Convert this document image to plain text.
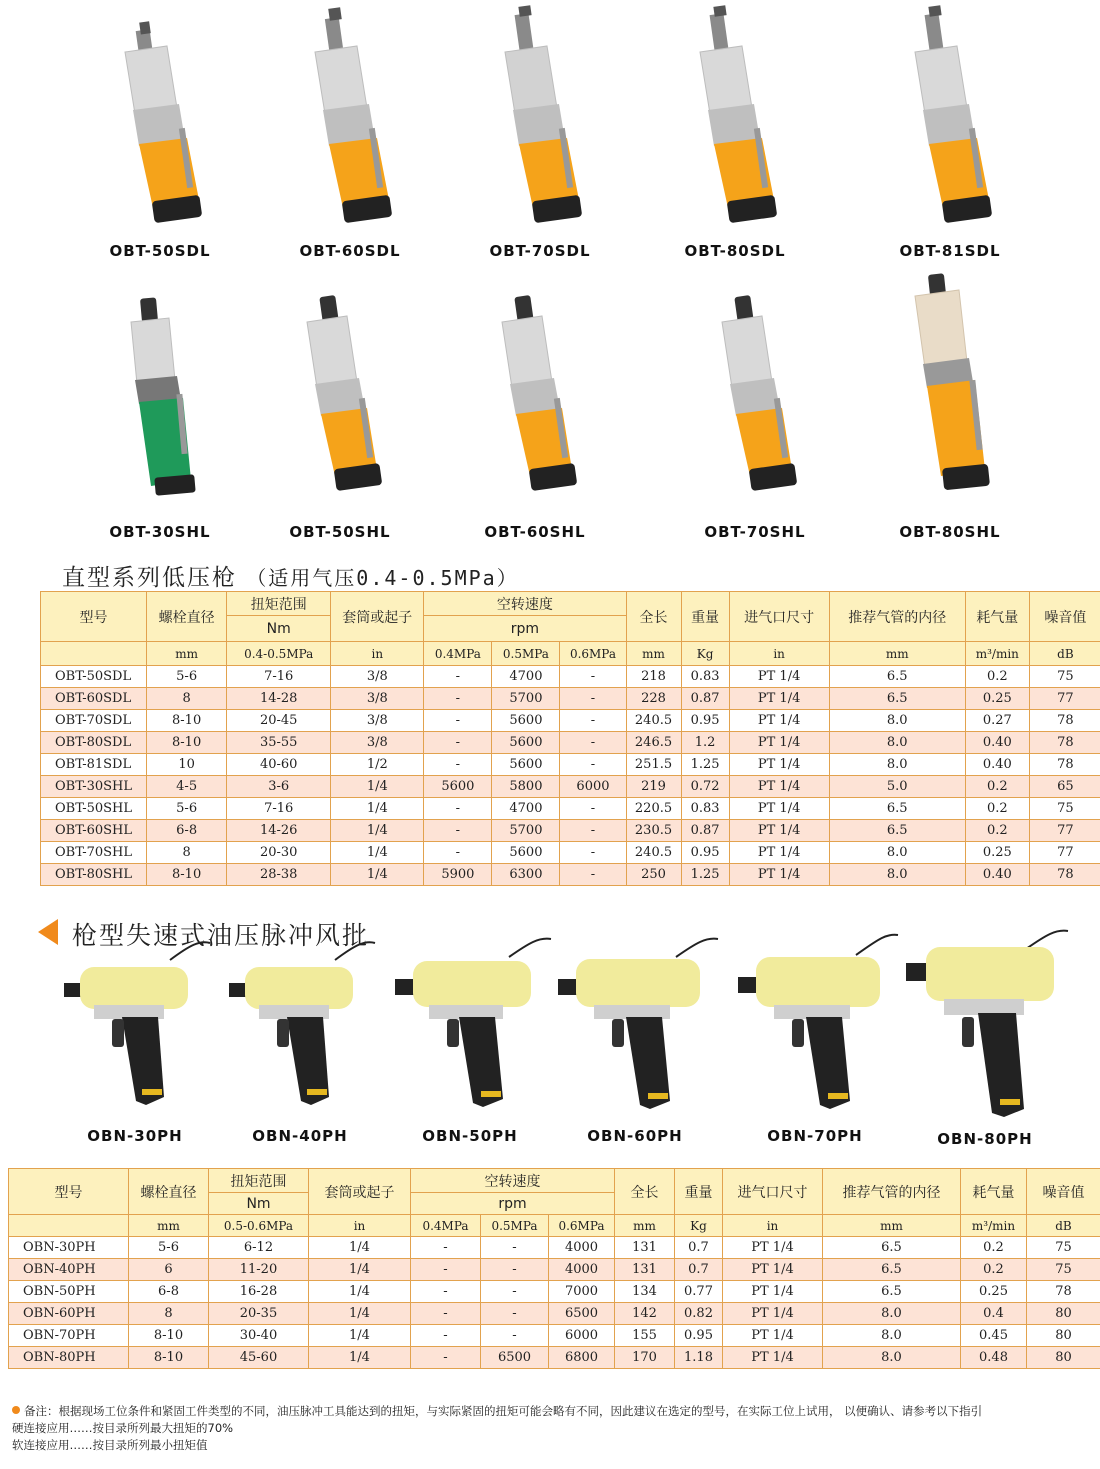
OBT-50SDL	OBT-60SDL	OBT-70SDL	OBT-80SDL	OBT-81SDL
OBT-30SHL	OBT-50SHL	OBT-60SHL	OBT-70SHL	OBT-80SHL
直型系列低压枪 （适用气压0.4-0.5MPa）
型号	螺栓直径	扭矩范围	套筒或起子	空转速度			全长	重量	进气口尺寸	推荐气管的内径	耗气量	噪音值
		Nm		rpm								
	mm	0.4-0.5MPa	in	0.4MPa	0.5MPa	0.6MPa	mm	Kg	in	mm	m³/min	dB
OBT-50SDL	5-6	7-16	3/8	-	4700	-	218	0.83	PT 1/4	6.5	0.2	75
OBT-60SDL	8	14-28	3/8	-	5700	-	228	0.87	PT 1/4	6.5	0.25	77
OBT-70SDL	8-10	20-45	3/8	-	5600	-	240.5	0.95	PT 1/4	8.0	0.27	78
OBT-80SDL	8-10	35-55	3/8	-	5600	-	246.5	1.2	PT 1/4	8.0	0.40	78
OBT-81SDL	10	40-60	1/2	-	5600	-	251.5	1.25	PT 1/4	8.0	0.40	78
OBT-30SHL	4-5	3-6	1/4	5600	5800	6000	219	0.72	PT 1/4	5.0	0.2	65
OBT-50SHL	5-6	7-16	1/4	-	4700	-	220.5	0.83	PT 1/4	6.5	0.2	75
OBT-60SHL	6-8	14-26	1/4	-	5700	-	230.5	0.87	PT 1/4	6.5	0.2	77
OBT-70SHL	8	20-30	1/4	-	5600	-	240.5	0.95	PT 1/4	8.0	0.25	77
OBT-80SHL	8-10	28-38	1/4	5900	6300	-	250	1.25	PT 1/4	8.0	0.40	78
枪型失速式油压脉冲风批
OBN-30PH	OBN-40PH	OBN-50PH	OBN-60PH	OBN-70PH	OBN-80PH
型号	螺栓直径	扭矩范围	套筒或起子	空转速度			全长	重量	进气口尺寸	推荐气管的内径	耗气量	噪音值
		Nm		rpm								
	mm	0.5-0.6MPa	in	0.4MPa	0.5MPa	0.6MPa	mm	Kg	in	mm	m³/min	dB
OBN-30PH	5-6	6-12	1/4	-	-	4000	131	0.7	PT 1/4	6.5	0.2	75
OBN-40PH	6	11-20	1/4	-	-	4000	131	0.7	PT 1/4	6.5	0.2	75
OBN-50PH	6-8	16-28	1/4	-	-	7000	134	0.77	PT 1/4	6.5	0.25	78
OBN-60PH	8	20-35	1/4	-	-	6500	142	0.82	PT 1/4	8.0	0.4	80
OBN-70PH	8-10	30-40	1/4	-	-	6000	155	0.95	PT 1/4	8.0	0.45	80
OBN-80PH	8-10	45-60	1/4	-	6500	6800	170	1.18	PT 1/4	8.0	0.48	80
备注：根据现场工位条件和紧固工件类型的不同，油压脉冲工具能达到的扭矩，与实际紧固的扭矩可能会略有不同，因此建议在选定的型号，在实际工位上试用， 以便确认、请参考以下指引
硬连接应用……按目录所列最大扭矩的70%
软连接应用……按目录所列最小扭矩值
